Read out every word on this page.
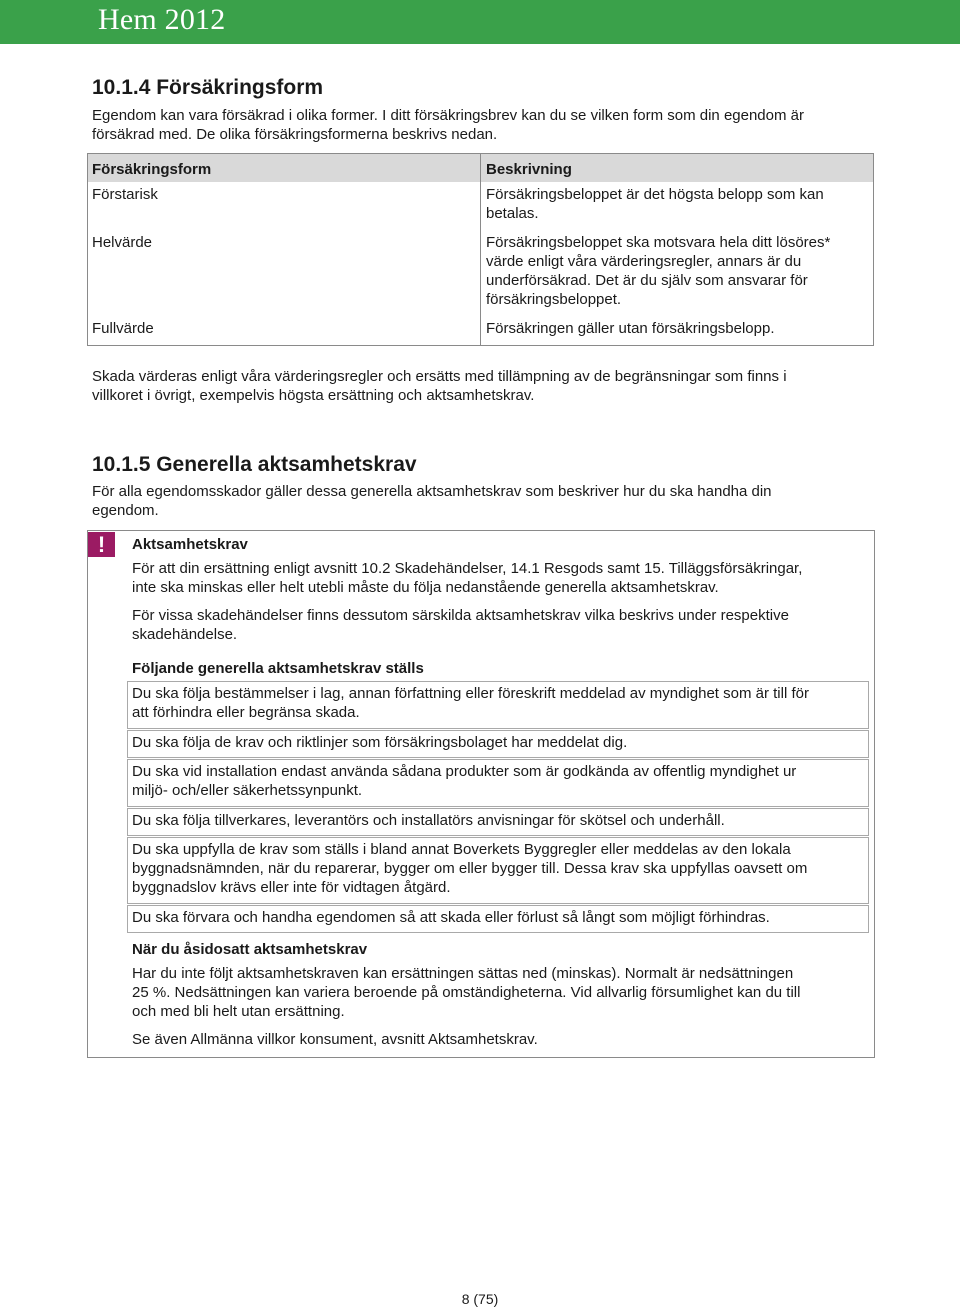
Hem 2012
10.1.4 Försäkringsform
Egendom kan vara försäkrad i olika former. I ditt försäkringsbrev kan du se vilken form som din egendom är
försäkrad med. De olika försäkringsformerna beskrivs nedan.
Försäkringsform	Beskrivning
Förstarisk	Försäkringsbeloppet är det högsta belopp som kan
betalas.
Helvärde	Försäkringsbeloppet ska motsvara hela ditt lösöres*
värde enligt våra värderingsregler, annars är du
underförsäkrad. Det är du själv som ansvarar för
försäkringsbeloppet.
Fullvärde	Försäkringen gäller utan försäkringsbelopp.
Skada värderas enligt våra värderingsregler och ersätts med tillämpning av de begränsningar som finns i
villkoret i övrigt, exempelvis högsta ersättning och aktsamhetskrav.
10.1.5 Generella aktsamhetskrav
För alla egendomsskador gäller dessa generella aktsamhetskrav som beskriver hur du ska handha din
egendom.
!	Aktsamhetskrav
För att din ersättning enligt avsnitt 10.2 Skadehändelser, 14.1 Resgods samt 15. Tilläggsförsäkringar,
inte ska minskas eller helt utebli måste du följa nedanstående generella aktsamhetskrav.
För vissa skadehändelser finns dessutom särskilda aktsamhetskrav vilka beskrivs under respektive
skadehändelse.
Följande generella aktsamhetskrav ställs
Du ska följa bestämmelser i lag, annan författning eller föreskrift meddelad av myndighet som är till för
att förhindra eller begränsa skada.
Du ska följa de krav och riktlinjer som försäkringsbolaget har meddelat dig.
Du ska vid installation endast använda sådana produkter som är godkända av offentlig myndighet ur
miljö- och/eller säkerhetssynpunkt.
Du ska följa tillverkares, leverantörs och installatörs anvisningar för skötsel och underhåll.
Du ska uppfylla de krav som ställs i bland annat Boverkets Byggregler eller meddelas av den lokala
byggnadsnämnden, när du reparerar, bygger om eller bygger till. Dessa krav ska uppfyllas oavsett om
byggnadslov krävs eller inte för vidtagen åtgärd.
Du ska förvara och handha egendomen så att skada eller förlust så långt som möjligt förhindras.
När du åsidosatt aktsamhetskrav
Har du inte följt aktsamhetskraven kan ersättningen sättas ned (minskas). Normalt är nedsättningen
25 %. Nedsättningen kan variera beroende på omständigheterna. Vid allvarlig försumlighet kan du till
och med bli helt utan ersättning.
Se även Allmänna villkor konsument, avsnitt Aktsamhetskrav.
8 (75)
